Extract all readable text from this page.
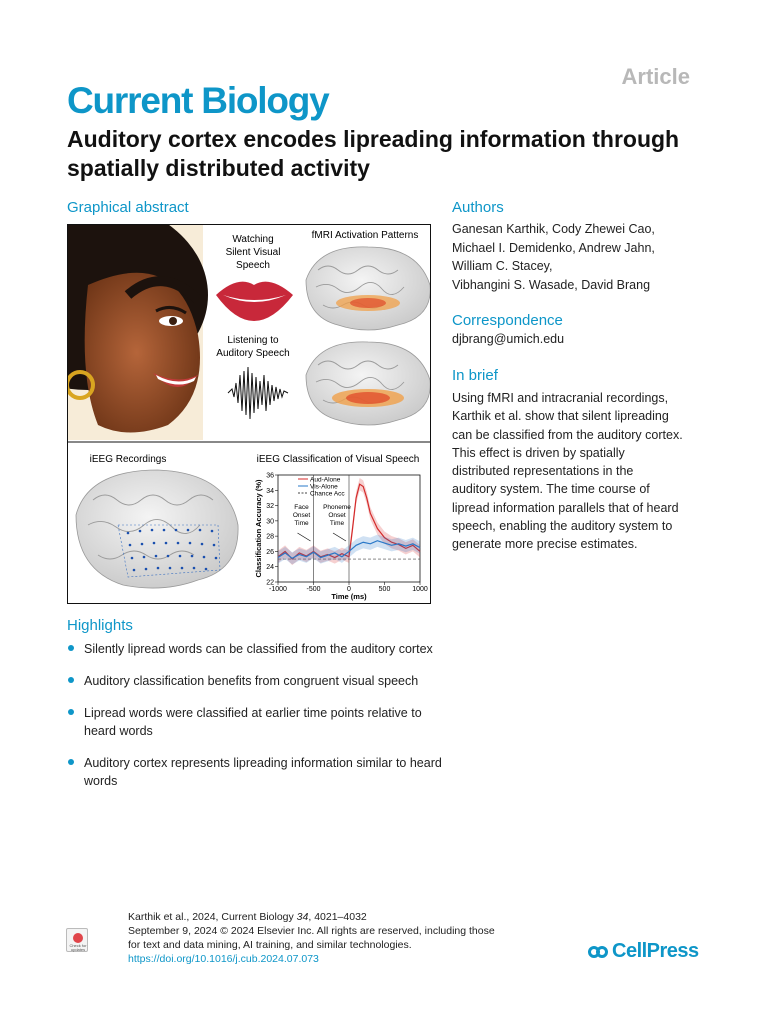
Article
Current Biology
Auditory cortex encodes lipreading information through spatially distributed activity
Graphical abstract	Authors
Correspondence
In brief
Highlights
Ganesan Karthik, Cody Zhewei Cao,
Michael I. Demidenko, Andrew Jahn,
William C. Stacey,
Vibhangini S. Wasade, David Brang
djbrang@umich.edu
Using fMRI and intracranial recordings,
Karthik et al. show that silent lipreading
can be classified from the auditory cortex.
This effect is driven by spatially
distributed representations in the
auditory system. The time course of
lipread information parallels that of heard
speech, enabling the auditory system to
generate more precise estimates.
Watching
Silent Visual
Speech
fMRI Activation Patterns
Listening to
Auditory Speech
iEEG Recordings	iEEG Classification of Visual Speech
22
24
26
28
30
32
34
36
-1000	-500	0	500	1000
Time (ms)
Classification Accuracy (%)	Face
Onset
Time
Phoneme
Onset
Time
Aud-Alone
Vis-Alone
Chance Acc
Silently lipread words can be classified from the auditory cortex
Auditory classification benefits from congruent visual speech
Lipread words were classified at earlier time points relative to heard words
Auditory cortex represents lipreading information similar to heard words
Check for updates
Karthik et al., 2024, Current Biology 34, 4021–4032
September 9, 2024 © 2024 Elsevier Inc. All rights are reserved, including those
for text and data mining, AI training, and similar technologies.
https://doi.org/10.1016/j.cub.2024.07.073	CellPress
